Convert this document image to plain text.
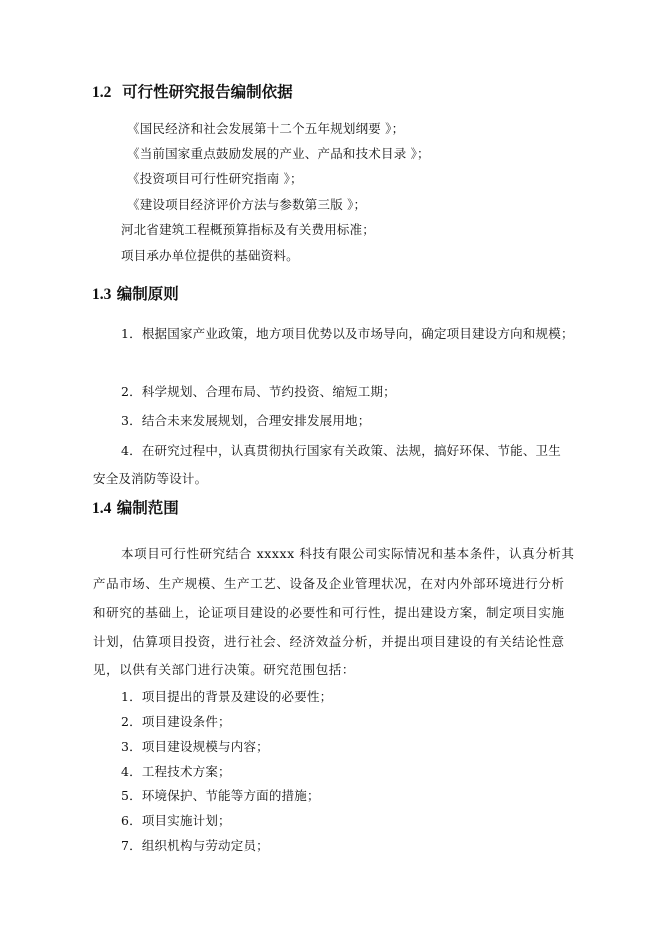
1.2 可行性研究报告编制依据
《国民经济和社会发展第十二个五年规划纲要 》；
《当前国家重点鼓励发展的产业、产品和技术目录 》；
《投资项目可行性研究指南 》；
《建设项目经济评价方法与参数第三版 》；
河北省建筑工程概预算指标及有关费用标准；
项目承办单位提供的基础资料。
1.3 编制原则
1．根据国家产业政策，地方项目优势以及市场导向，确定项目建设方向和规模；
2．科学规划、合理布局、节约投资、缩短工期；
3．结合未来发展规划，合理安排发展用地；
4．在研究过程中，认真贯彻执行国家有关政策、法规，搞好环保、节能、卫生
安全及消防等设计。
1.4 编制范围
本项目可行性研究结合 xxxxx 科技有限公司实际情况和基本条件，认真分析其
产品市场、生产规模、生产工艺、设备及企业管理状况，在对内外部环境进行分析
和研究的基础上，论证项目建设的必要性和可行性，提出建设方案，制定项目实施
计划，估算项目投资，进行社会、经济效益分析，并提出项目建设的有关结论性意
见，以供有关部门进行决策。研究范围包括：
1．项目提出的背景及建设的必要性；
2．项目建设条件；
3．项目建设规模与内容；
4．工程技术方案；
5．环境保护、节能等方面的措施；
6．项目实施计划；
7．组织机构与劳动定员；
